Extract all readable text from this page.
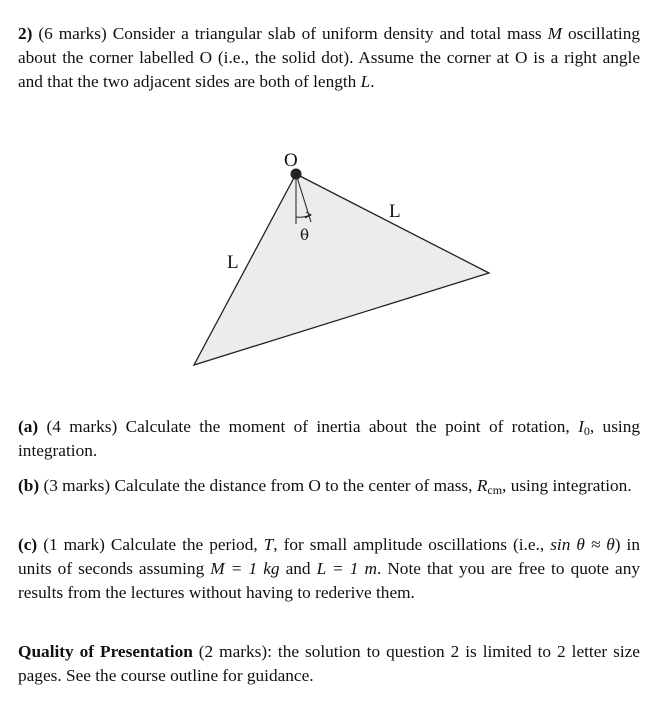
2) (6 marks) Consider a triangular slab of uniform density and total mass M oscillating about the corner labelled O (i.e., the solid dot). Assume the corner at O is a right angle and that the two adjacent sides are both of length L.

O
L
L
θ

(a) (4 marks) Calculate the moment of inertia about the point of rotation, $I_0$, using integration.

(b) (3 marks) Calculate the distance from O to the center of mass, $R_{cm}$, using integration.

(c) (1 mark) Calculate the period, T, for small amplitude oscillations (i.e., sin θ ≈ θ) in units of seconds assuming M = 1 kg and L = 1 m. Note that you are free to quote any results from the lectures without having to rederive them.

Quality of Presentation (2 marks): the solution to question 2 is limited to 2 letter size pages. See the course outline for guidance.
